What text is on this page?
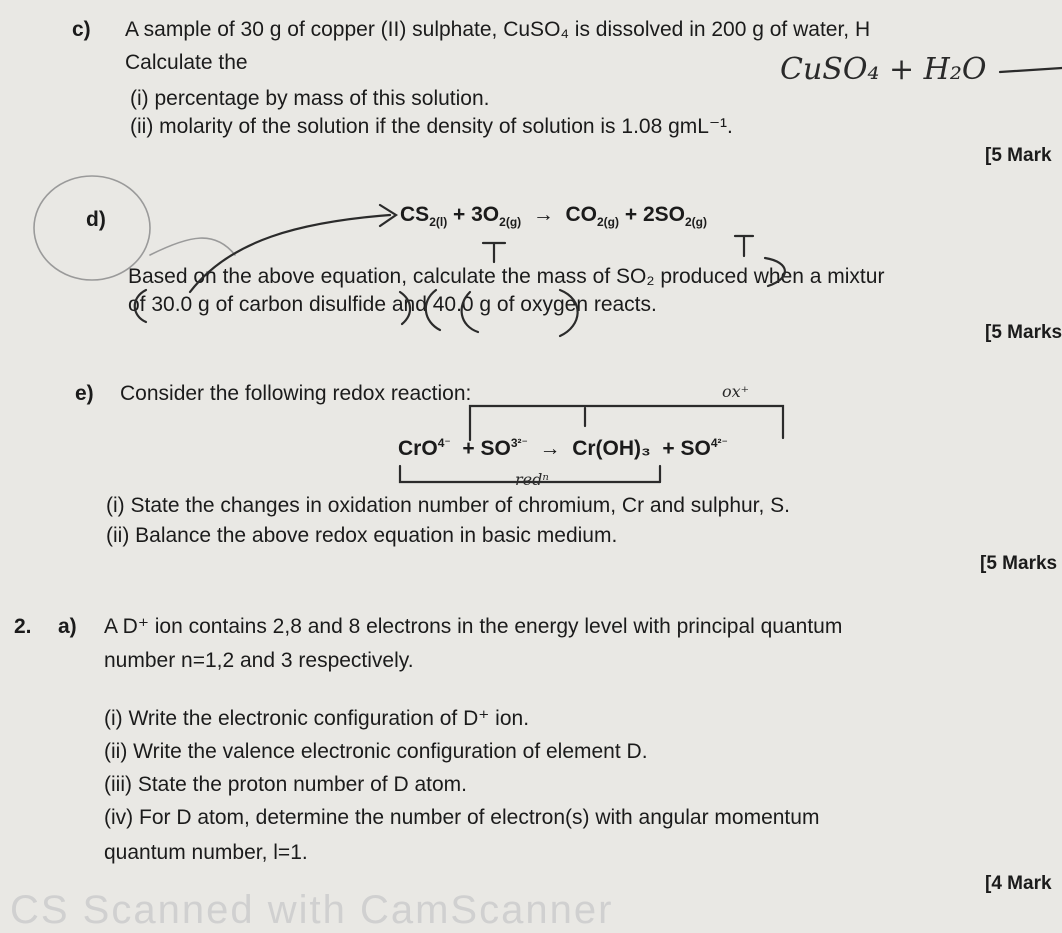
c) A sample of 30 g of copper (II) sulphate, CuSO₄ is dissolved in 200 g of water, H
Calculate the
(i) percentage by mass of this solution.
(ii) molarity of the solution if the density of solution is 1.08 gmL⁻¹.
[5 Mark
d)	$CS_{2(l)} + 3O_{2(g)} \to CO_{2(g)} + 2SO_{2(g)}$
Based on the above equation, calculate the mass of SO₂ produced when a mixtur
of 30.0 g of carbon disulfide and 40.0 g of oxygen reacts.
[5 Marks
e) Consider the following redox reaction:
$CrO^{4^-} + SO^{3^{2-}} \to Cr(OH)_3 + SO^{4^{2-}}$
(i) State the changes in oxidation number of chromium, Cr and sulphur, S.
(ii) Balance the above redox equation in basic medium.
[5 Marks
2. a) A D⁺ ion contains 2,8 and 8 electrons in the energy level with principal quantum
number n=1,2 and 3 respectively.
(i) Write the electronic configuration of D⁺ ion.
(ii) Write the valence electronic configuration of element D.
(iii) State the proton number of D atom.
(iv) For D atom, determine the number of electron(s) with angular momentum
quantum number, l=1.
[4 Mark
CuSO₄ + H₂O
ox⁺
redⁿ
CS Scanned with CamScanner
